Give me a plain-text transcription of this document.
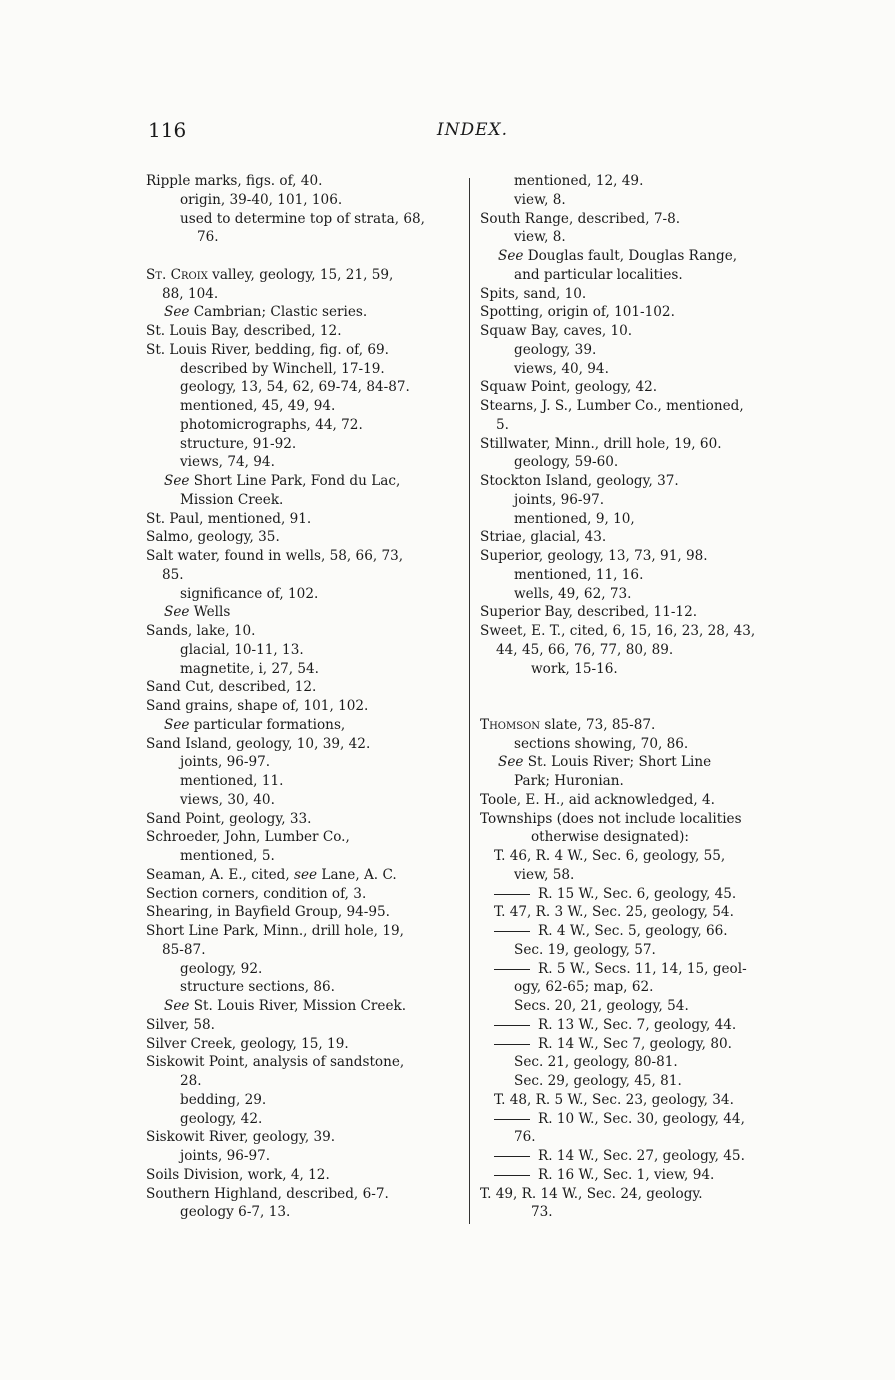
116	INDEX.
Ripple marks, figs. of, 40.
origin, 39-40, 101, 106.
used to determine top of strata, 68,
76.
St. Croix valley, geology, 15, 21, 59,
88, 104.
See Cambrian; Clastic series.
St. Louis Bay, described, 12.
St. Louis River, bedding, fig. of, 69.
described by Winchell, 17-19.
geology, 13, 54, 62, 69-74, 84-87.
mentioned, 45, 49, 94.
photomicrographs, 44, 72.
structure, 91-92.
views, 74, 94.
See Short Line Park, Fond du Lac,
Mission Creek.
St. Paul, mentioned, 91.
Salmo, geology, 35.
Salt water, found in wells, 58, 66, 73,
85.
significance of, 102.
See Wells
Sands, lake, 10.
glacial, 10-11, 13.
magnetite, i, 27, 54.
Sand Cut, described, 12.
Sand grains, shape of, 101, 102.
See particular formations,
Sand Island, geology, 10, 39, 42.
joints, 96-97.
mentioned, 11.
views, 30, 40.
Sand Point, geology, 33.
Schroeder, John, Lumber Co.,
mentioned, 5.
Seaman, A. E., cited, see Lane, A. C.
Section corners, condition of, 3.
Shearing, in Bayfield Group, 94-95.
Short Line Park, Minn., drill hole, 19,
85-87.
geology, 92.
structure sections, 86.
See St. Louis River, Mission Creek.
Silver, 58.
Silver Creek, geology, 15, 19.
Siskowit Point, analysis of sandstone,
28.
bedding, 29.
geology, 42.
Siskowit River, geology, 39.
joints, 96-97.
Soils Division, work, 4, 12.
Southern Highland, described, 6-7.
geology 6-7, 13.
mentioned, 12, 49.
view, 8.
South Range, described, 7-8.
view, 8.
See Douglas fault, Douglas Range,
and particular localities.
Spits, sand, 10.
Spotting, origin of, 101-102.
Squaw Bay, caves, 10.
geology, 39.
views, 40, 94.
Squaw Point, geology, 42.
Stearns, J. S., Lumber Co., mentioned,
5.
Stillwater, Minn., drill hole, 19, 60.
geology, 59-60.
Stockton Island, geology, 37.
joints, 96-97.
mentioned, 9, 10,
Striae, glacial, 43.
Superior, geology, 13, 73, 91, 98.
mentioned, 11, 16.
wells, 49, 62, 73.
Superior Bay, described, 11-12.
Sweet, E. T., cited, 6, 15, 16, 23, 28, 43,
44, 45, 66, 76, 77, 80, 89.
work, 15-16.
Thomson slate, 73, 85-87.
sections showing, 70, 86.
See St. Louis River; Short Line
Park; Huronian.
Toole, E. H., aid acknowledged, 4.
Townships (does not include localities
otherwise designated):
T. 46, R. 4 W., Sec. 6, geology, 55,
view, 58.
R. 15 W., Sec. 6, geology, 45.
T. 47, R. 3 W., Sec. 25, geology, 54.
R. 4 W., Sec. 5, geology, 66.
Sec. 19, geology, 57.
R. 5 W., Secs. 11, 14, 15, geol-
ogy, 62-65; map, 62.
Secs. 20, 21, geology, 54.
R. 13 W., Sec. 7, geology, 44.
R. 14 W., Sec 7, geology, 80.
Sec. 21, geology, 80-81.
Sec. 29, geology, 45, 81.
T. 48, R. 5 W., Sec. 23, geology, 34.
R. 10 W., Sec. 30, geology, 44,
76.
R. 14 W., Sec. 27, geology, 45.
R. 16 W., Sec. 1, view, 94.
T. 49, R. 14 W., Sec. 24, geology.
73.
